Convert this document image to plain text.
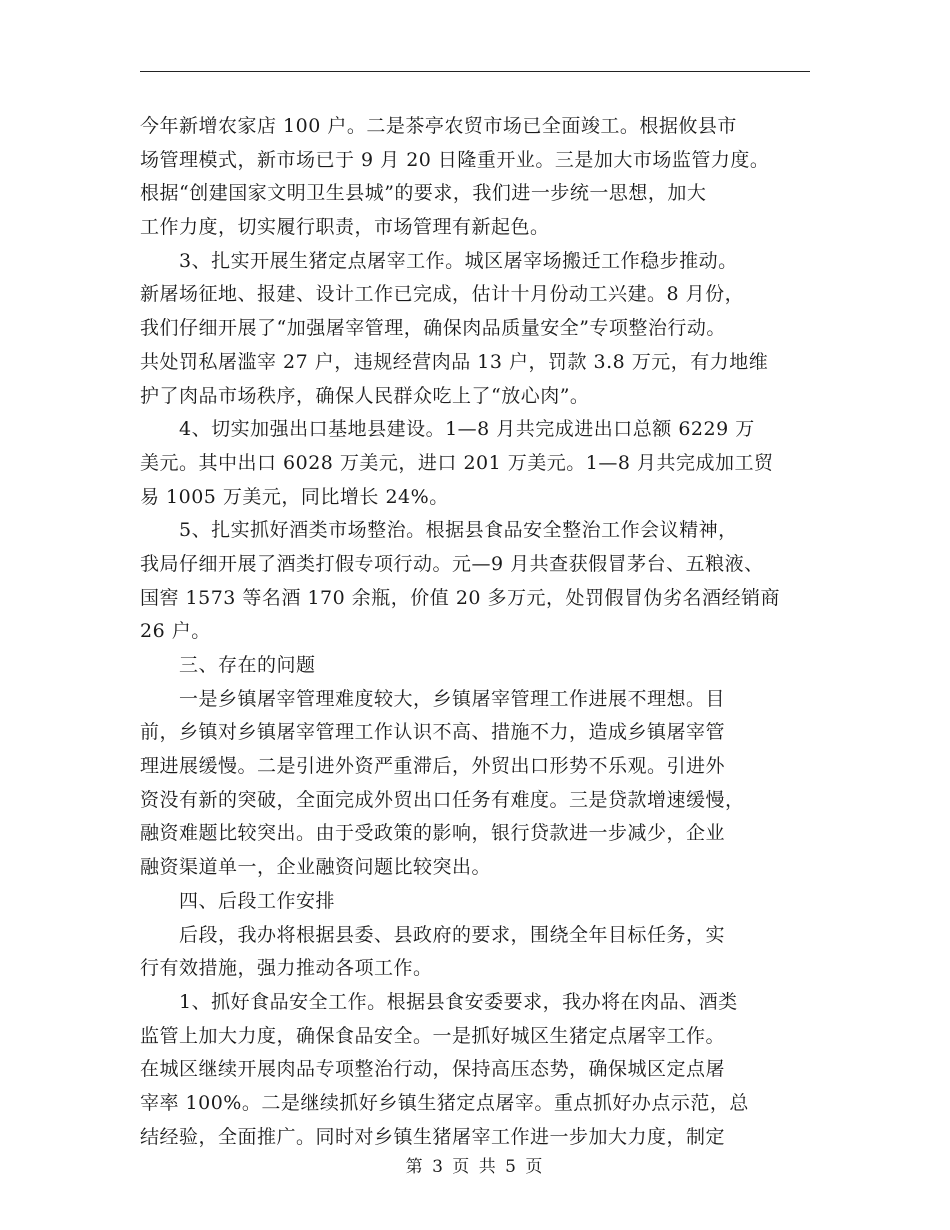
今年新增农家店 100 户。二是茶亭农贸市场已全面竣工。根据攸县市
场管理模式，新市场已于 9 月 20 日隆重开业。三是加大市场监管力度。
根据“创建国家文明卫生县城”的要求，我们进一步统一思想，加大
工作力度，切实履行职责，市场管理有新起色。
　　3、扎实开展生猪定点屠宰工作。城区屠宰场搬迁工作稳步推动。
新屠场征地、报建、设计工作已完成，估计十月份动工兴建。8 月份，
我们仔细开展了“加强屠宰管理，确保肉品质量安全”专项整治行动。
共处罚私屠滥宰 27 户，违规经营肉品 13 户，罚款 3.8 万元，有力地维
护了肉品市场秩序，确保人民群众吃上了“放心肉”。
　　4、切实加强出口基地县建设。1—8 月共完成进出口总额 6229 万
美元。其中出口 6028 万美元，进口 201 万美元。1—8 月共完成加工贸
易 1005 万美元，同比增长 24%。
　　5、扎实抓好酒类市场整治。根据县食品安全整治工作会议精神，
我局仔细开展了酒类打假专项行动。元—9 月共查获假冒茅台、五粮液、
国窖 1573 等名酒 170 余瓶，价值 20 多万元，处罚假冒伪劣名酒经销商
26 户。
　　三、存在的问题
　　一是乡镇屠宰管理难度较大，乡镇屠宰管理工作进展不理想。目
前，乡镇对乡镇屠宰管理工作认识不高、措施不力，造成乡镇屠宰管
理进展缓慢。二是引进外资严重滞后，外贸出口形势不乐观。引进外
资没有新的突破，全面完成外贸出口任务有难度。三是贷款增速缓慢，
融资难题比较突出。由于受政策的影响，银行贷款进一步减少，企业
融资渠道单一，企业融资问题比较突出。
　　四、后段工作安排
　　后段，我办将根据县委、县政府的要求，围绕全年目标任务，实
行有效措施，强力推动各项工作。
　　1、抓好食品安全工作。根据县食安委要求，我办将在肉品、酒类
监管上加大力度，确保食品安全。一是抓好城区生猪定点屠宰工作。
在城区继续开展肉品专项整治行动，保持高压态势，确保城区定点屠
宰率 100%。二是继续抓好乡镇生猪定点屠宰。重点抓好办点示范，总
结经验，全面推广。同时对乡镇生猪屠宰工作进一步加大力度，制定
第 3 页 共 5 页
